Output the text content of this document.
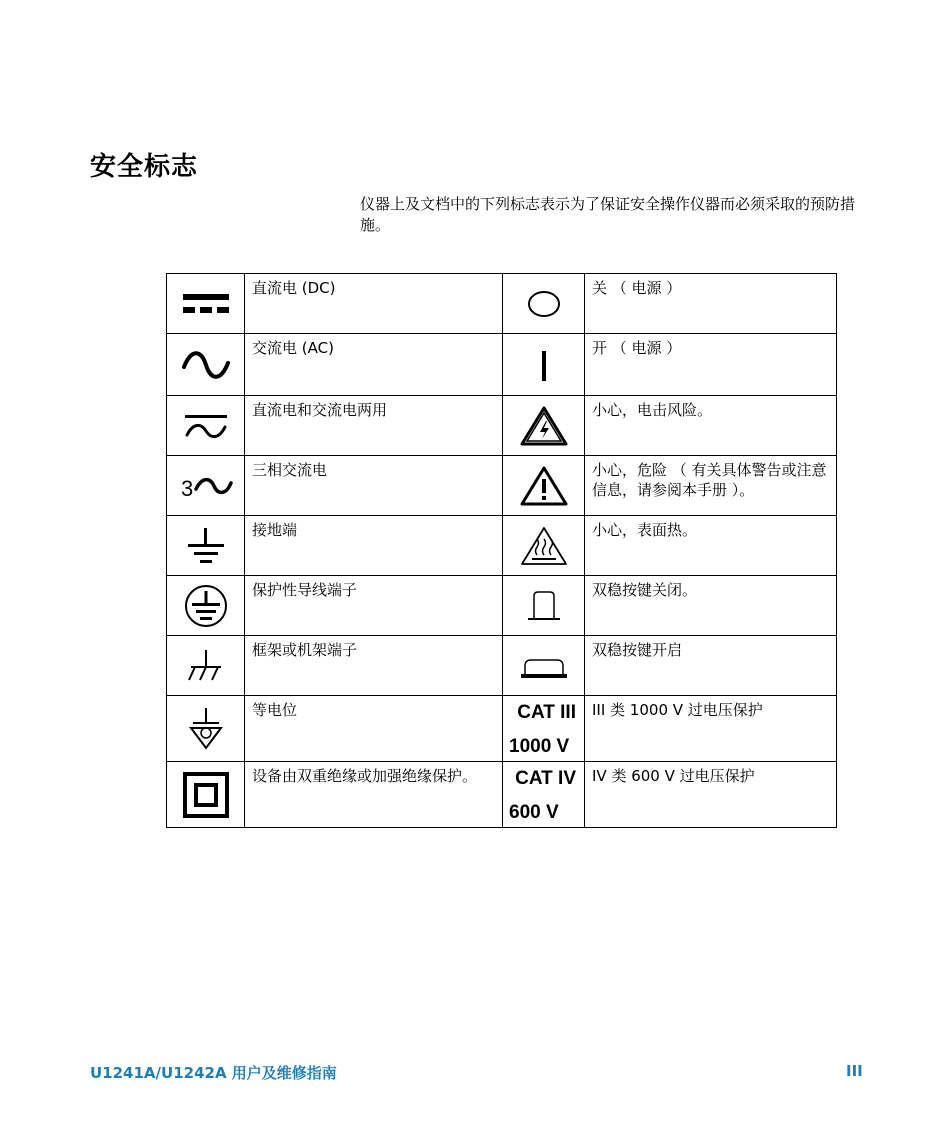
安全标志
仪器上及文档中的下列标志表示为了保证安全操作仪器而必须采取的预防措施。
	直流电 (DC)		关 （ 电源 ）

	交流电 (AC)		开 （ 电源 ）

	直流电和交流电两用		小心，电击风险。

3	三相交流电		小心，危险 （ 有关具体警告或注意信息，请参阅本手册 ）。

	接地端		小心，表面热。

	保护性导线端子		双稳按键关闭。

	框架或机架端子		双稳按键开启

	等电位	CAT III
1000 V	III 类 1000 V 过电压保护

	设备由双重绝缘或加强绝缘保护。	CAT IV
600 V	IV 类 600 V 过电压保护
U1241A/U1242A 用户及维修指南	III
